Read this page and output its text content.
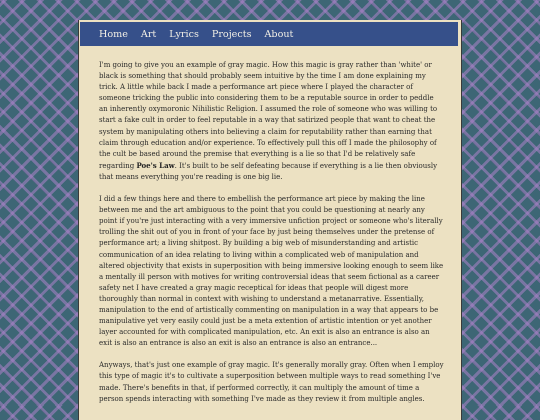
Home Art Lyrics Projects About

I'm going to give you an example of gray magic. How this magic is gray rather than 'white' or black is something that should probably seem intuitive by the time I am done explaining my trick. A little while back I made a performance art piece where I played the character of someone tricking the public into considering them to be a reputable source in order to peddle an inherently oxymoronic Nihilistic Religion. I assumed the role of someone who was willing to start a fake cult in order to feel reputable in a way that satirized people that want to cheat the system by manipulating others into believing a claim for reputability rather than earning that claim through education and/or experience. To effectively pull this off I made the philosophy of the cult be based around the premise that everything is a lie so that I'd be relatively safe regarding Poe's Law. It's built to be self defeating because if everything is a lie then obviously that means everything you're reading is one big lie.

I did a few things here and there to embellish the performance art piece by making the line between me and the art ambiguous to the point that you could be questioning at nearly any point if you're just interacting with a very immersive unfiction project or someone who's literally trolling the shit out of you in front of your face by just being themselves under the pretense of performance art; a living shitpost. By building a big web of misunderstanding and artistic communication of an idea relating to living within a complicated web of manipulation and altered objectivity that exists in superposition with being immersive looking enough to seem like a mentally ill person with motives for writing controversial ideas that seem fictional as a career safety net I have created a gray magic receptical for ideas that people will digest more thoroughly than normal in context with wishing to understand a metanarrative. Essentially, manipulation to the end of artistically commenting on manipulation in a way that appears to be manipulative yet very easily could just be a meta extention of artistic intention or yet another layer accounted for with complicated manipulation, etc. An exit is also an entrance is also an exit is also an entrance is also an exit is also an entrance is also an entrance...

Anyways, that's just one example of gray magic. It's generally morally gray. Often when I employ this type of magic it's to cultivate a superposition between multiple ways to read something I've made. There's benefits in that, if performed correctly, it can multiply the amount of time a person spends interacting with something I've made as they review it from multiple angles.
